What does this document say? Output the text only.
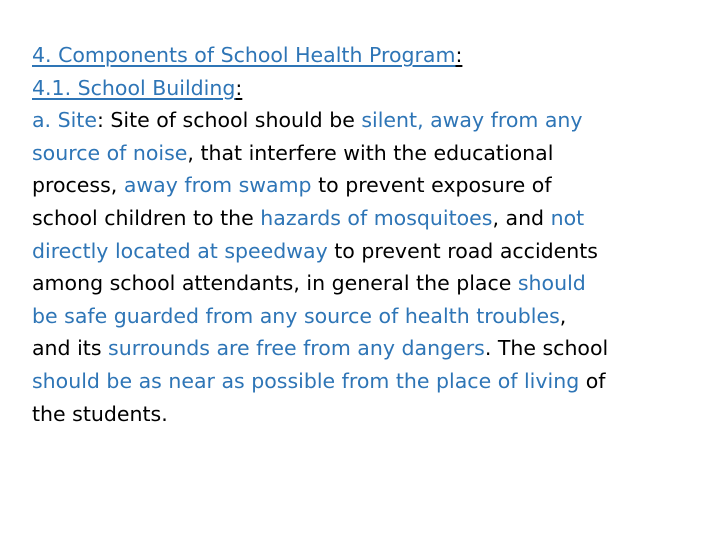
4. Components of School Health Program:
4.1. School Building:
a. Site: Site of school should be silent, away from any
source of noise, that interfere with the educational
process, away from swamp to prevent exposure of
school children to the hazards of mosquitoes, and not
directly located at speedway to prevent road accidents
among school attendants, in general the place should
be safe guarded from any source of health troubles,
and its surrounds are free from any dangers. The school
should be as near as possible from the place of living of
the students.
